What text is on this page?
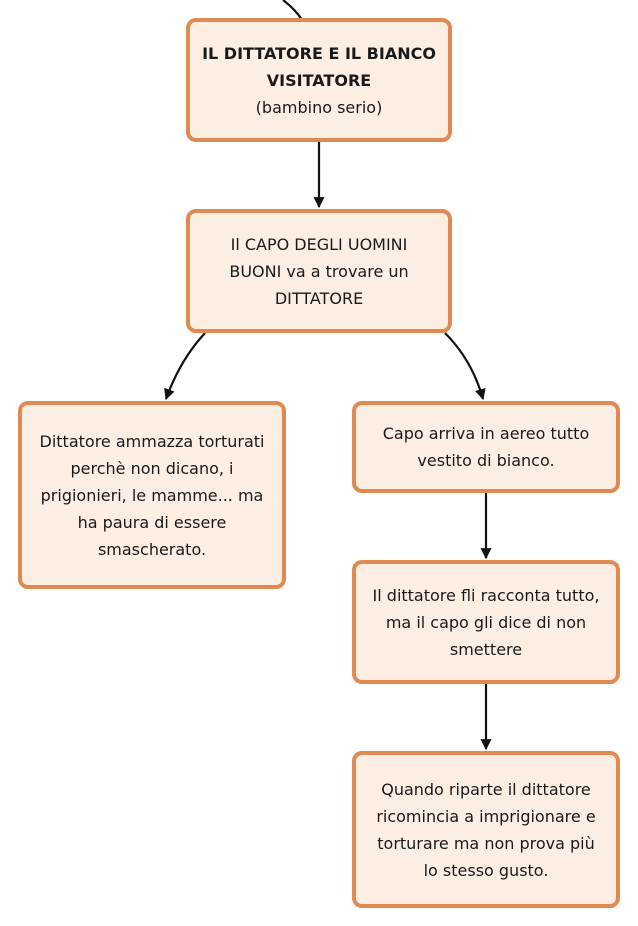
IL DITTATORE E IL BIANCO
VISITATORE
(bambino serio)
Il CAPO DEGLI UOMINI
BUONI va a trovare un
DITTATORE
Dittatore ammazza torturati
perchè non dicano, i
prigionieri, le mamme... ma
ha paura di essere
smascherato.
Capo arriva in aereo tutto
vestito di bianco.
Il dittatore fli racconta tutto,
ma il capo gli dice di non
smettere
Quando riparte il dittatore
ricomincia a imprigionare e
torturare ma non prova più
lo stesso gusto.
